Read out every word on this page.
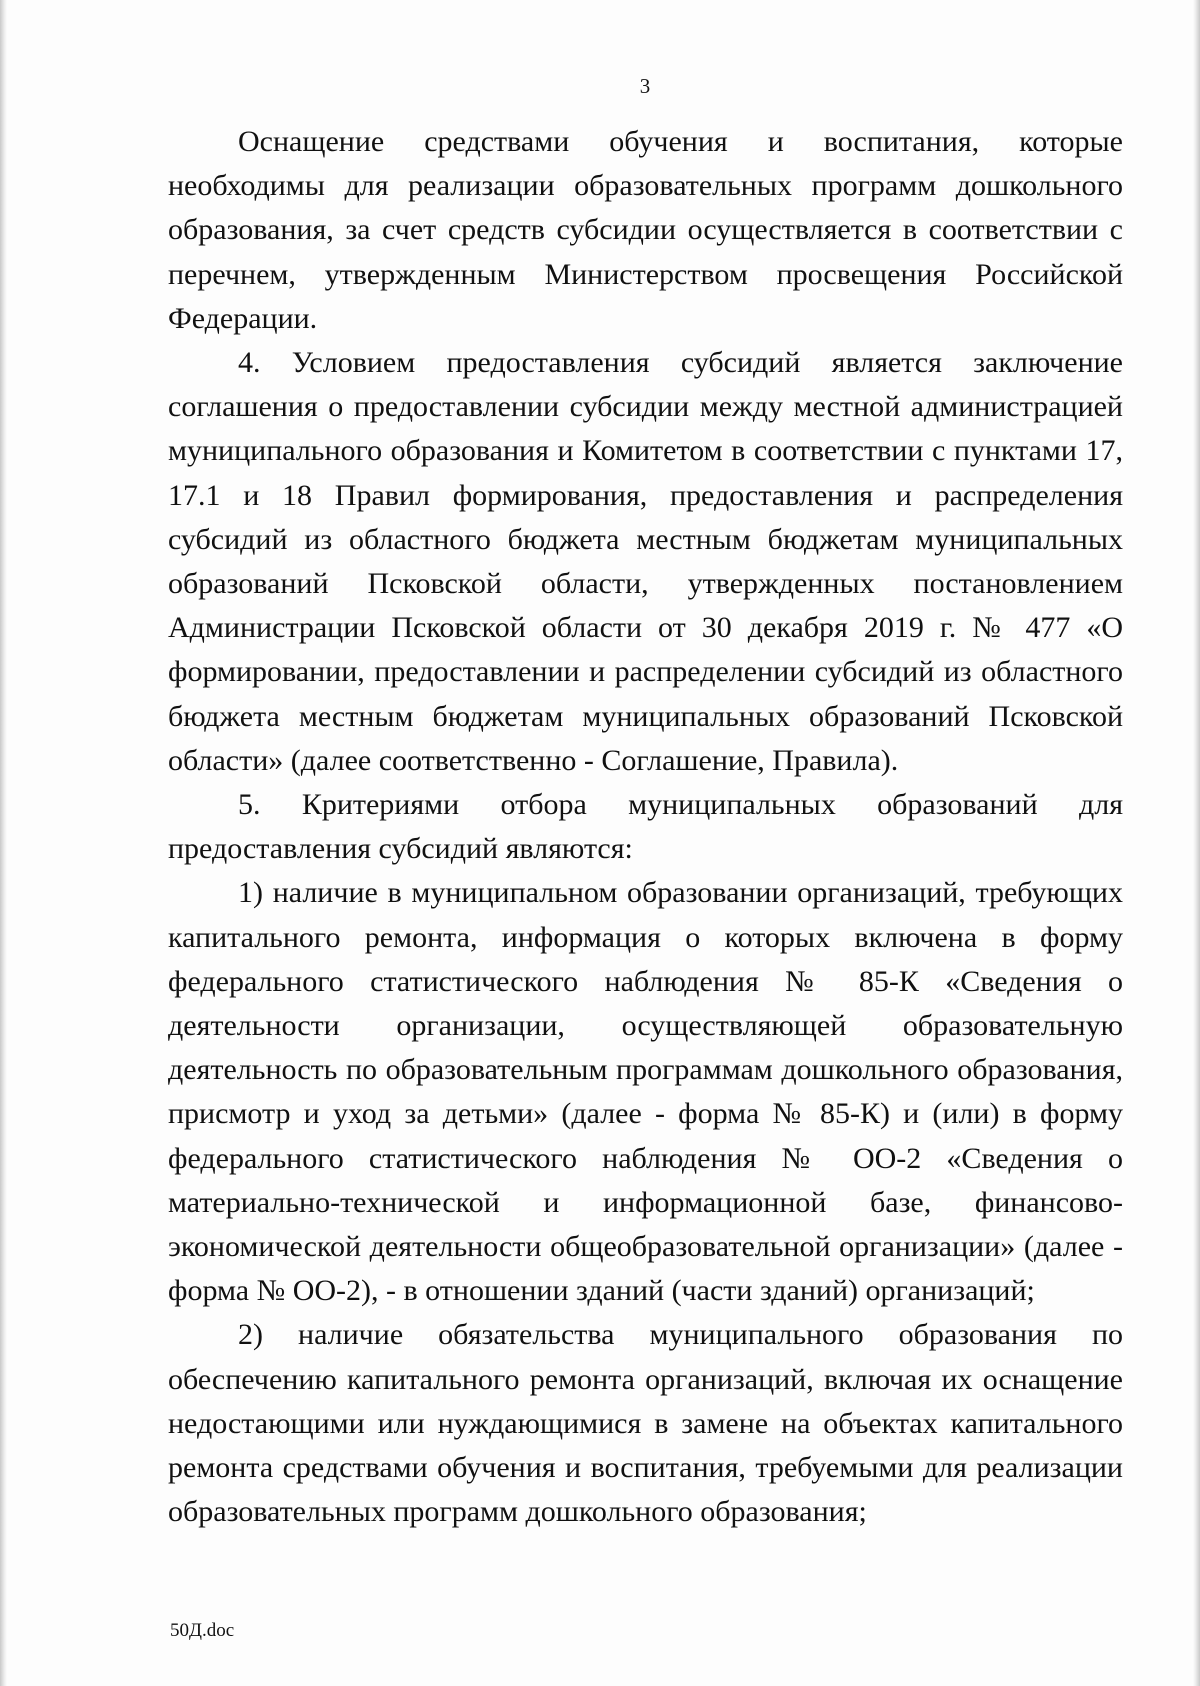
3

Оснащение средствами обучения и воспитания, которые необходимы для реализации образовательных программ дошкольного образования, за счет средств субсидии осуществляется в соответствии с перечнем, утвержденным Министерством просвещения Российской Федерации.

4. Условием предоставления субсидий является заключение соглашения о предоставлении субсидии между местной администрацией муниципального образования и Комитетом в соответствии с пунктами 17, 17.1 и 18 Правил формирования, предоставления и распределения субсидий из областного бюджета местным бюджетам муниципальных образований Псковской области, утвержденных постановлением Администрации Псковской области от 30 декабря 2019 г. № 477 «О формировании, предоставлении и распределении субсидий из областного бюджета местным бюджетам муниципальных образований Псковской области» (далее соответственно - Соглашение, Правила).

5. Критериями отбора муниципальных образований для предоставления субсидий являются:

1) наличие в муниципальном образовании организаций, требующих капитального ремонта, информация о которых включена в форму федерального статистического наблюдения № 85-К «Сведения о деятельности организации, осуществляющей образовательную деятельность по образовательным программам дошкольного образования, присмотр и уход за детьми» (далее - форма № 85-К) и (или) в форму федерального статистического наблюдения № ОО-2 «Сведения о материально-технической и информационной базе, финансово-экономической деятельности общеобразовательной организации» (далее - форма № ОО-2), - в отношении зданий (части зданий) организаций;

2) наличие обязательства муниципального образования по обеспечению капитального ремонта организаций, включая их оснащение недостающими или нуждающимися в замене на объектах капитального ремонта средствами обучения и воспитания, требуемыми для реализации образовательных программ дошкольного образования;

50Д.doc
